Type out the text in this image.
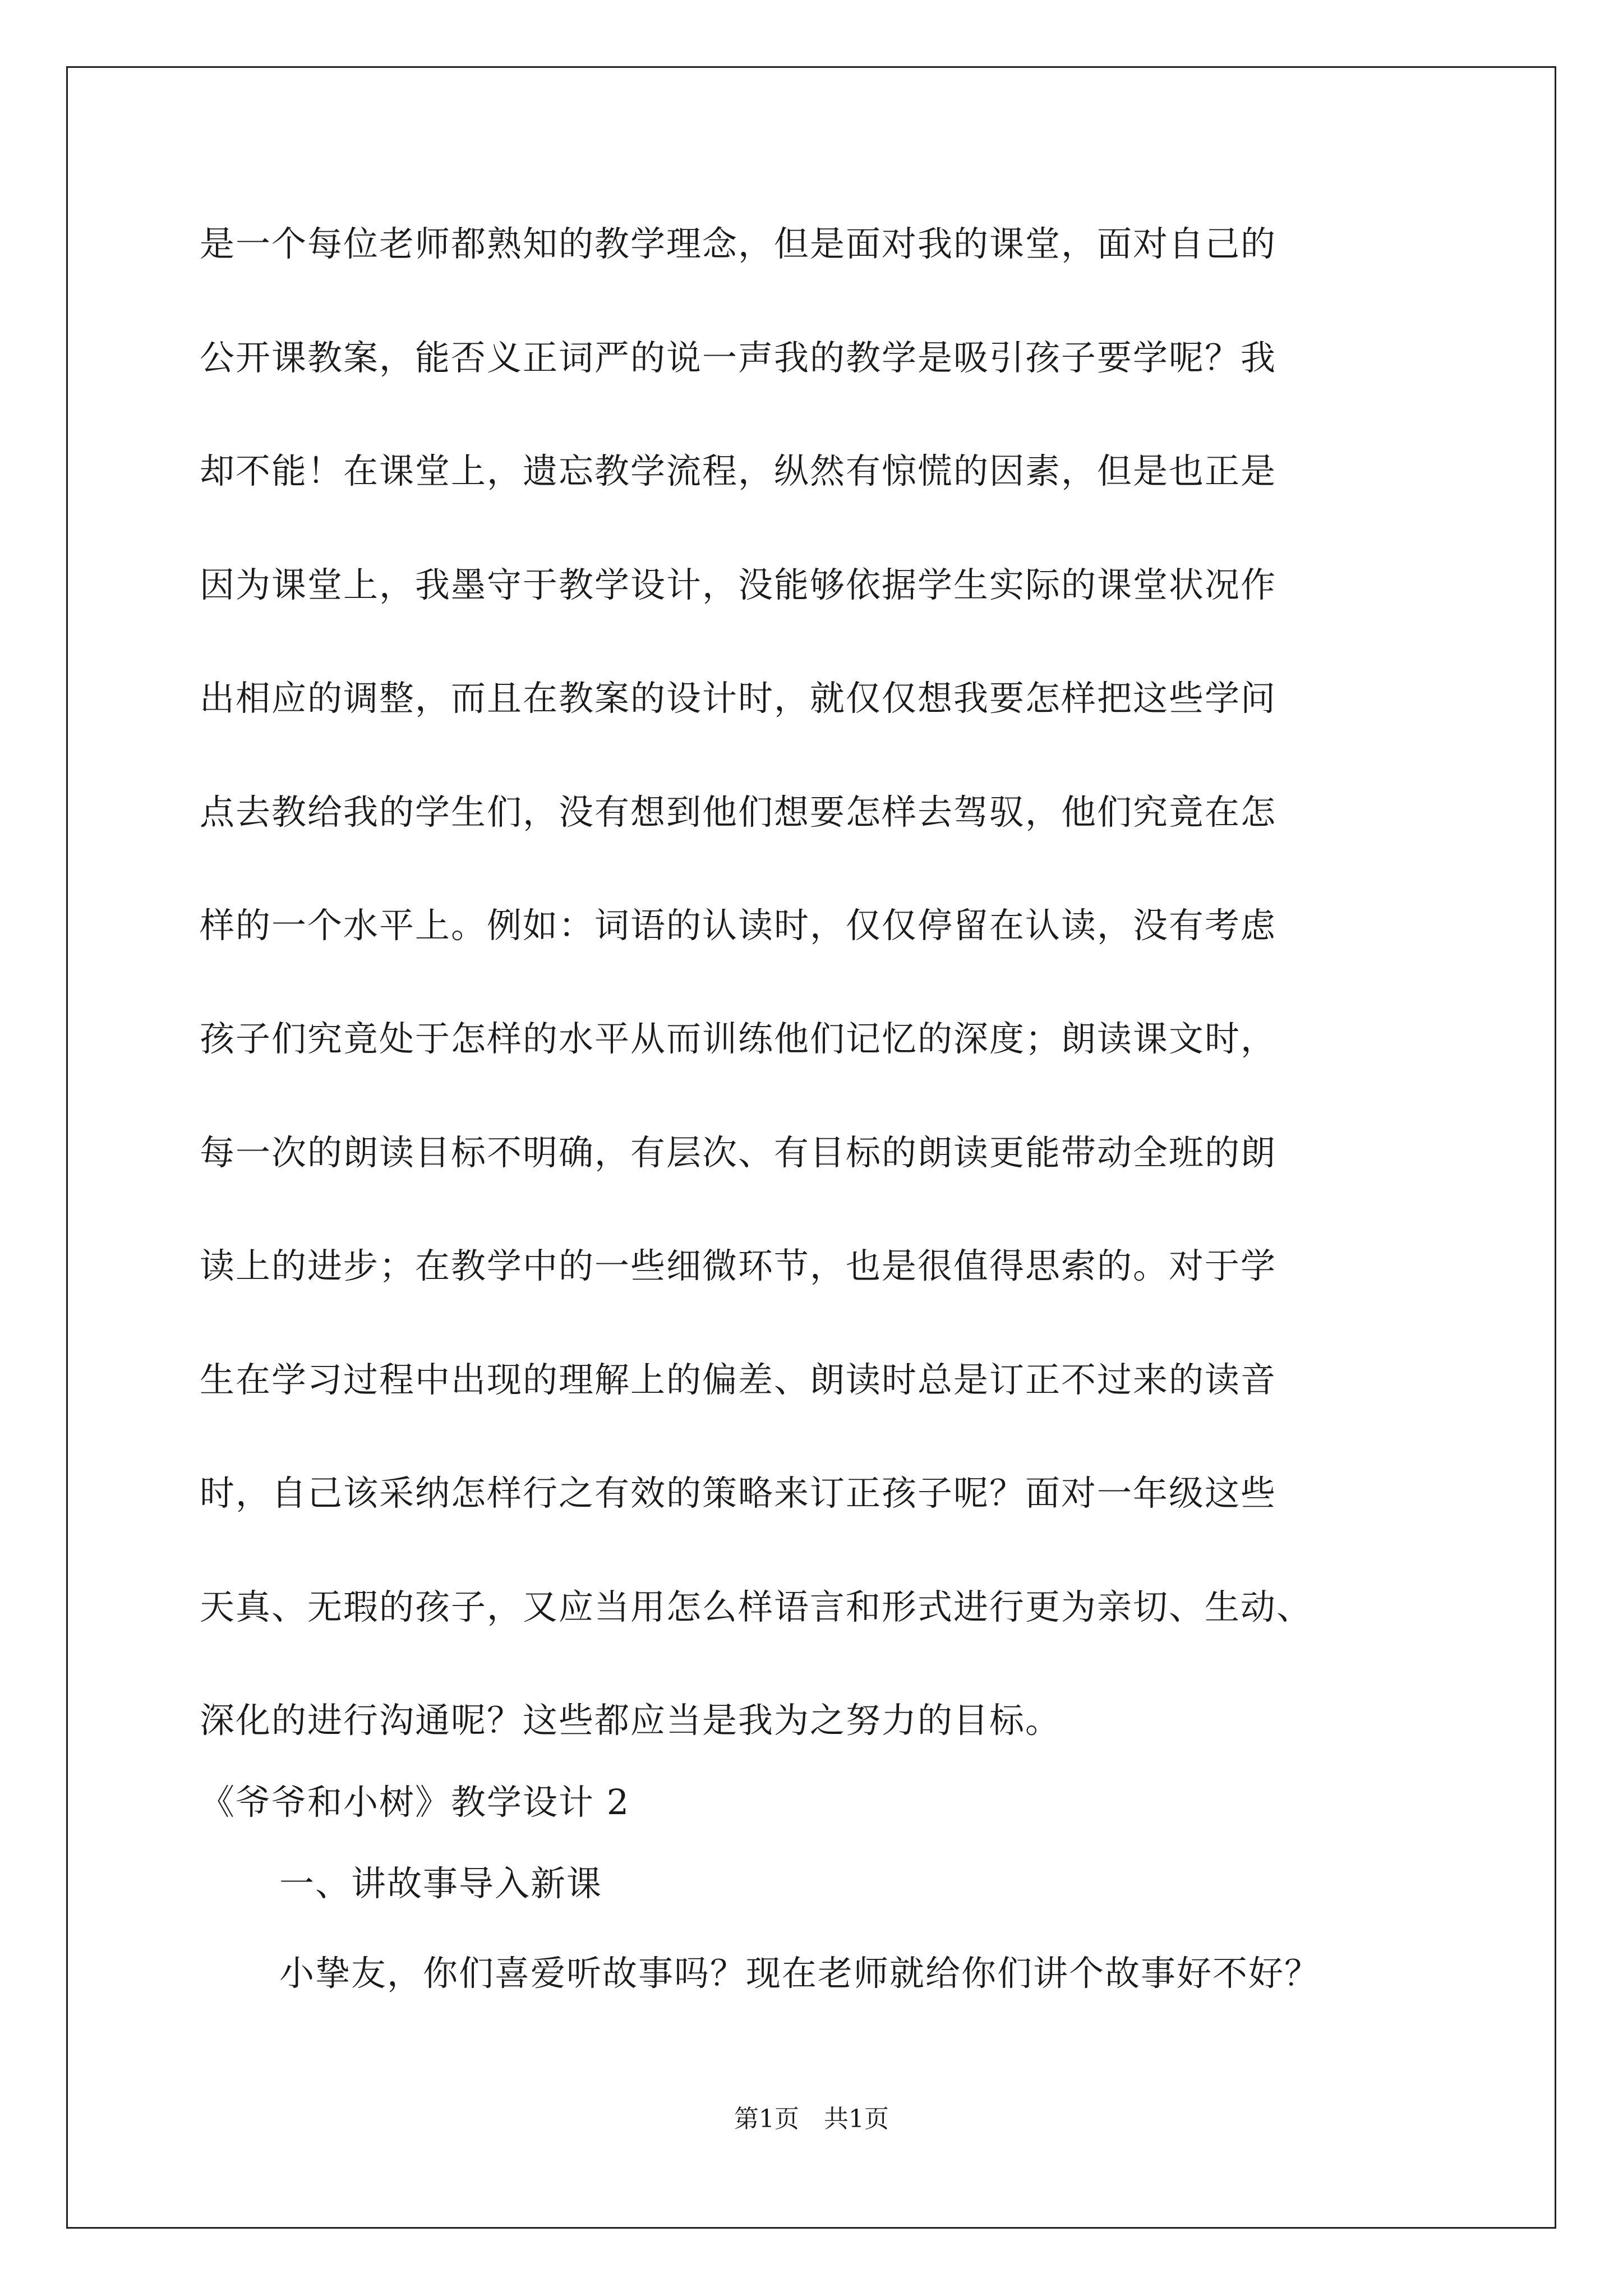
是一个每位老师都熟知的教学理念，但是面对我的课堂，面对自己的
公开课教案，能否义正词严的说一声我的教学是吸引孩子要学呢？我
却不能！在课堂上，遗忘教学流程，纵然有惊慌的因素，但是也正是
因为课堂上，我墨守于教学设计，没能够依据学生实际的课堂状况作
出相应的调整，而且在教案的设计时，就仅仅想我要怎样把这些学问
点去教给我的学生们，没有想到他们想要怎样去驾驭，他们究竟在怎
样的一个水平上。例如：词语的认读时，仅仅停留在认读，没有考虑
孩子们究竟处于怎样的水平从而训练他们记忆的深度；朗读课文时，
每一次的朗读目标不明确，有层次、有目标的朗读更能带动全班的朗
读上的进步；在教学中的一些细微环节，也是很值得思索的。对于学
生在学习过程中出现的理解上的偏差、朗读时总是订正不过来的读音
时，自己该采纳怎样行之有效的策略来订正孩子呢？面对一年级这些
天真、无瑕的孩子，又应当用怎么样语言和形式进行更为亲切、生动、
深化的进行沟通呢？这些都应当是我为之努力的目标。
《爷爷和小树》教学设计 2
一、讲故事导入新课
小挚友，你们喜爱听故事吗？现在老师就给你们讲个故事好不好？
第1页　共1页
